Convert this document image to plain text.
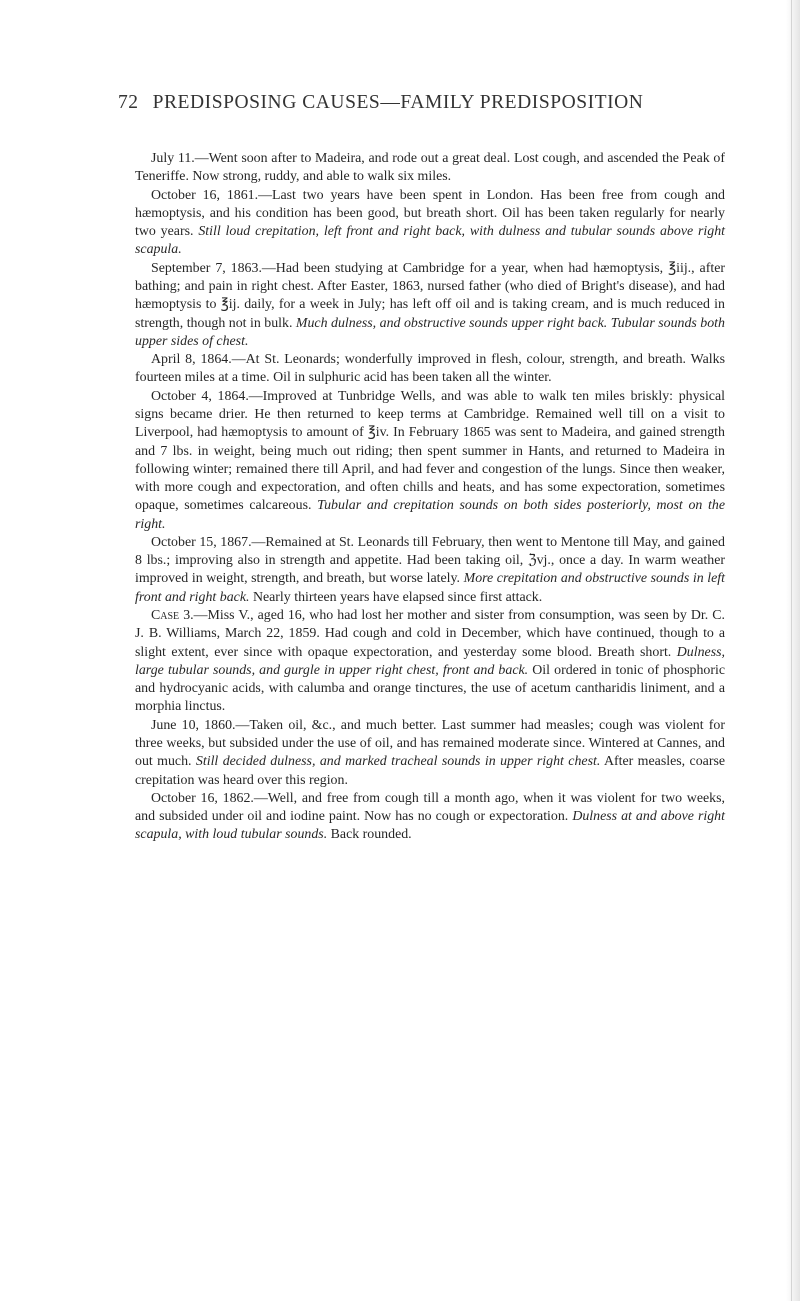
72 PREDISPOSING CAUSES—FAMILY PREDISPOSITION

July 11.—Went soon after to Madeira, and rode out a great deal. Lost cough, and ascended the Peak of Teneriffe. Now strong, ruddy, and able to walk six miles.

October 16, 1861.—Last two years have been spent in London. Has been free from cough and hæmoptysis, and his condition has been good, but breath short. Oil has been taken regularly for nearly two years. Still loud crepitation, left front and right back, with dulness and tubular sounds above right scapula.

September 7, 1863.—Had been studying at Cambridge for a year, when had hæmoptysis, ℥iij., after bathing; and pain in right chest. After Easter, 1863, nursed father (who died of Bright's disease), and had hæmoptysis to ℥ij. daily, for a week in July; has left off oil and is taking cream, and is much reduced in strength, though not in bulk. Much dulness, and obstructive sounds upper right back. Tubular sounds both upper sides of chest.

April 8, 1864.—At St. Leonards; wonderfully improved in flesh, colour, strength, and breath. Walks fourteen miles at a time. Oil in sulphuric acid has been taken all the winter.

October 4, 1864.—Improved at Tunbridge Wells, and was able to walk ten miles briskly: physical signs became drier. He then returned to keep terms at Cambridge. Remained well till on a visit to Liverpool, had hæmoptysis to amount of ℥iv. In February 1865 was sent to Madeira, and gained strength and 7 lbs. in weight, being much out riding; then spent summer in Hants, and returned to Madeira in following winter; remained there till April, and had fever and congestion of the lungs. Since then weaker, with more cough and expectoration, and often chills and heats, and has some expectoration, sometimes opaque, sometimes calcareous. Tubular and crepitation sounds on both sides posteriorly, most on the right.

October 15, 1867.—Remained at St. Leonards till February, then went to Mentone till May, and gained 8 lbs.; improving also in strength and appetite. Had been taking oil, ℨvj., once a day. In warm weather improved in weight, strength, and breath, but worse lately. More crepitation and obstructive sounds in left front and right back. Nearly thirteen years have elapsed since first attack.

Case 3.—Miss V., aged 16, who had lost her mother and sister from consumption, was seen by Dr. C. J. B. Williams, March 22, 1859. Had cough and cold in December, which have continued, though to a slight extent, ever since with opaque expectoration, and yesterday some blood. Breath short. Dulness, large tubular sounds, and gurgle in upper right chest, front and back. Oil ordered in tonic of phosphoric and hydrocyanic acids, with calumba and orange tinctures, the use of acetum cantharidis liniment, and a morphia linctus.

June 10, 1860.—Taken oil, &c., and much better. Last summer had measles; cough was violent for three weeks, but subsided under the use of oil, and has remained moderate since. Wintered at Cannes, and out much. Still decided dulness, and marked tracheal sounds in upper right chest. After measles, coarse crepitation was heard over this region.

October 16, 1862.—Well, and free from cough till a month ago, when it was violent for two weeks, and subsided under oil and iodine paint. Now has no cough or expectoration. Dulness at and above right scapula, with loud tubular sounds. Back rounded.
